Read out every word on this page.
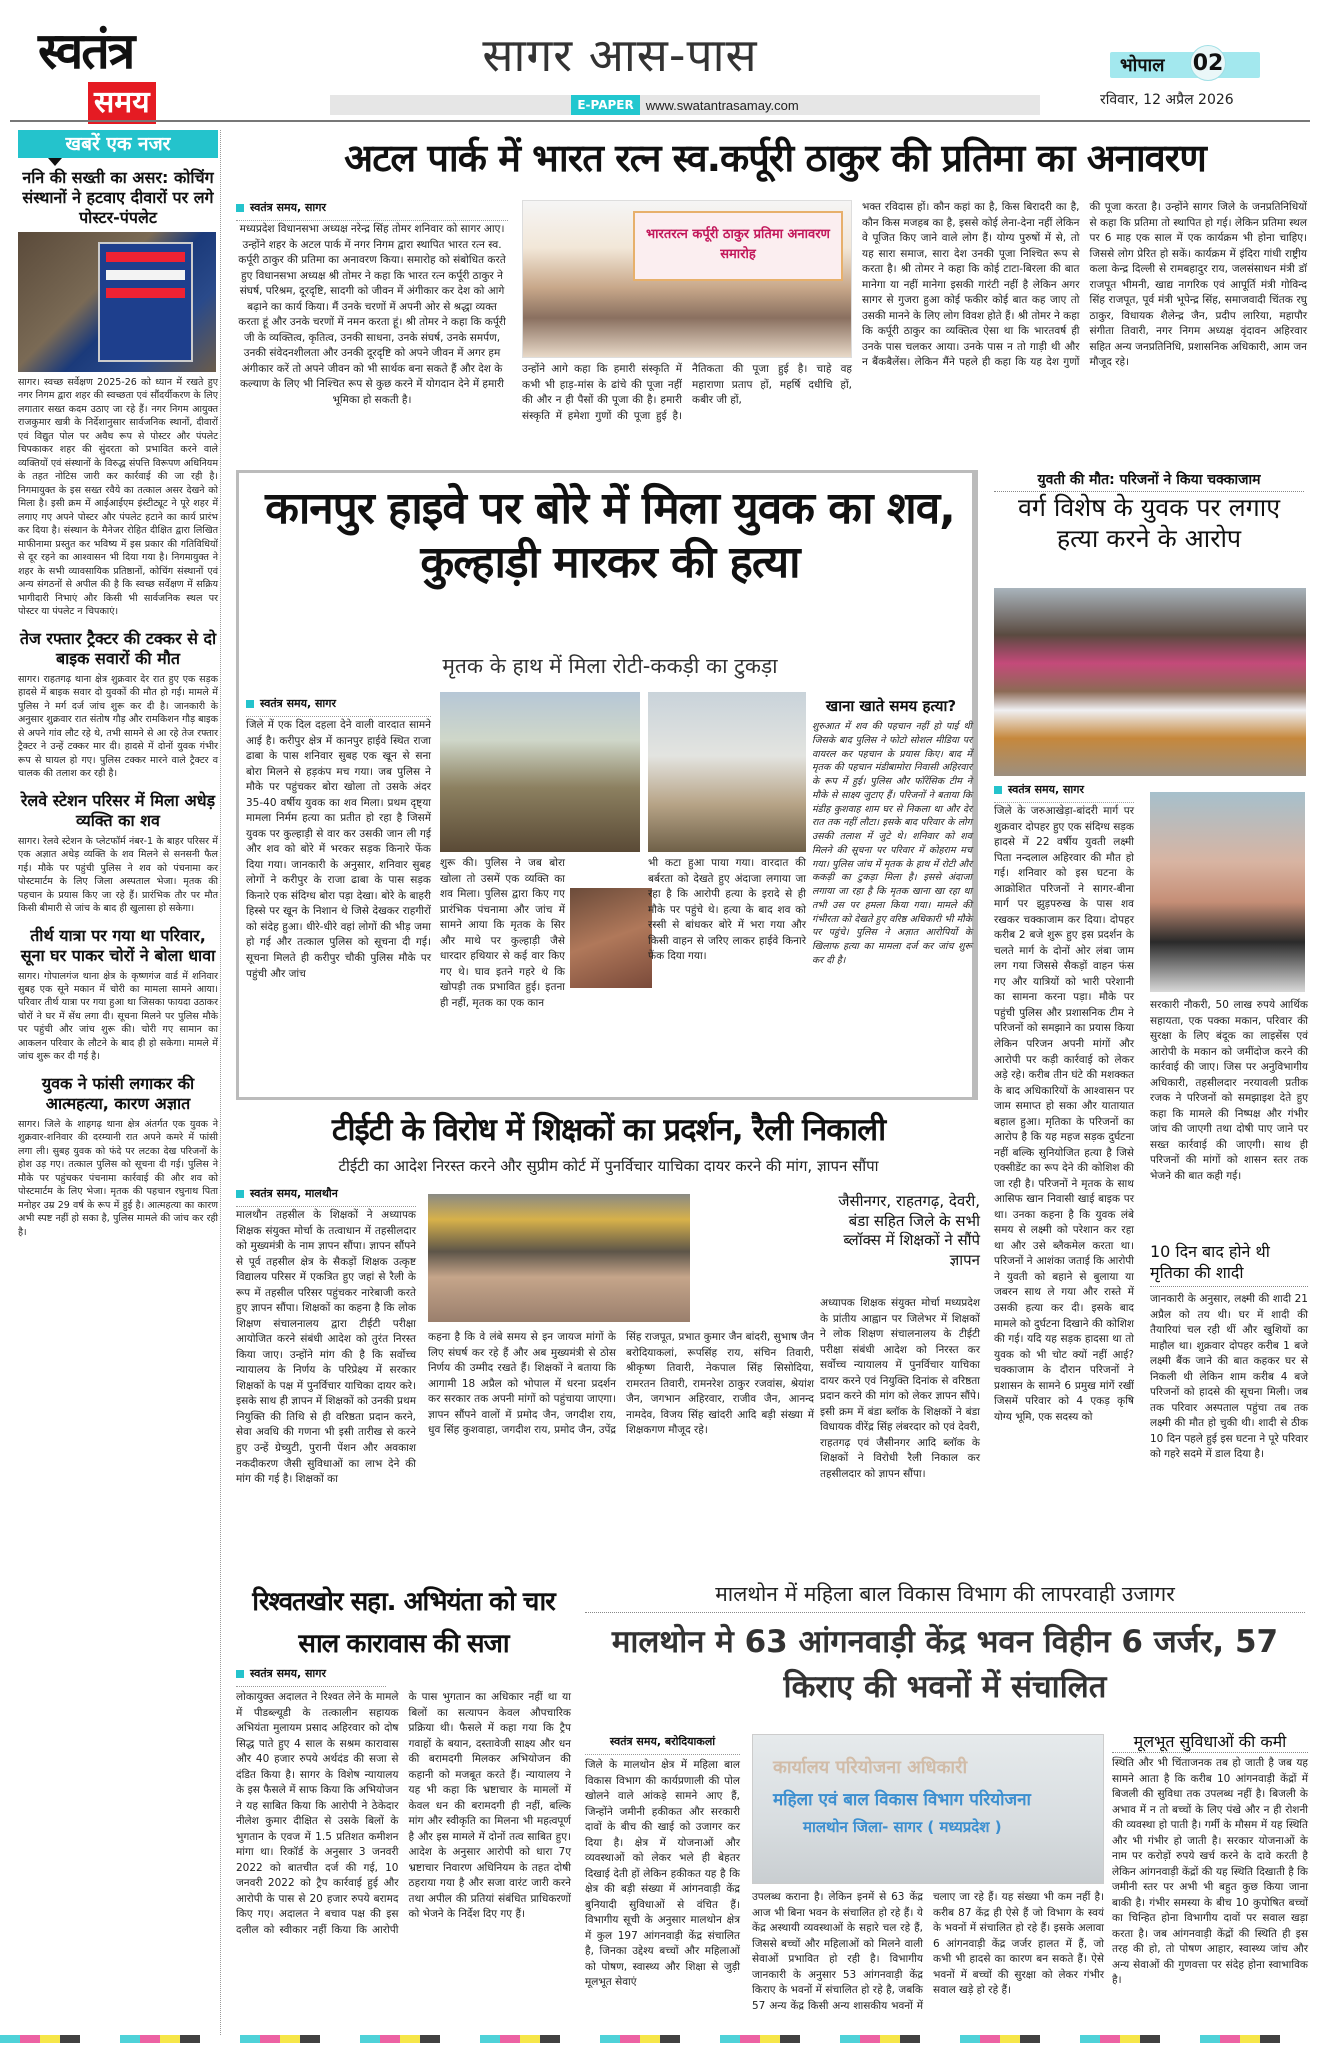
स्वतंत्र
समय
सागर आस-पास
E-PAPER www.swatantrasamay.com
भोपाल	02
रविवार, 12 अप्रैल 2026
खबरें एक नजर
ननि की सख्ती का असर: कोचिंग संस्थानों ने हटवाए दीवारों पर लगे पोस्टर-पंपलेट
सागर। स्वच्छ सर्वेक्षण 2025-26 को ध्यान में रखते हुए नगर निगम द्वारा शहर की स्वच्छता एवं सौंदर्यीकरण के लिए लगातार सख्त कदम उठाए जा रहे हैं। नगर निगम आयुक्त राजकुमार खत्री के निर्देशानुसार सार्वजनिक स्थानों, दीवारों एवं विद्युत पोल पर अवैध रूप से पोस्टर और पंपलेट चिपकाकर शहर की सुंदरता को प्रभावित करने वाले व्यक्तियों एवं संस्थानों के विरुद्ध संपत्ति विरूपण अधिनियम के तहत नोटिस जारी कर कार्रवाई की जा रही है। निगमायुक्त के इस सख्त रवैये का तत्काल असर देखने को मिला है। इसी क्रम में आईआईएम इंस्टीट्यूट ने पूरे शहर में लगाए गए अपने पोस्टर और पंपलेट हटाने का कार्य प्रारंभ कर दिया है। संस्थान के मैनेजर रोहित दीक्षित द्वारा लिखित माफीनामा प्रस्तुत कर भविष्य में इस प्रकार की गतिविधियों से दूर रहने का आश्वासन भी दिया गया है। निगमायुक्त ने शहर के सभी व्यावसायिक प्रतिष्ठानों, कोचिंग संस्थानों एवं अन्य संगठनों से अपील की है कि स्वच्छ सर्वेक्षण में सक्रिय भागीदारी निभाएं और किसी भी सार्वजनिक स्थल पर पोस्टर या पंपलेट न चिपकाएं।
तेज रफ्तार ट्रैक्टर की टक्कर से दो बाइक सवारों की मौत
सागर। राहतगढ़ थाना क्षेत्र शुक्रवार देर रात हुए एक सड़क हादसे में बाइक सवार दो युवकों की मौत हो गई। मामले में पुलिस ने मर्ग दर्ज जांच शुरू कर दी है। जानकारी के अनुसार शुक्रवार रात संतोष गौड़ और रामकिशन गौड़ बाइक से अपने गांव लौट रहे थे, तभी सामने से आ रहे तेज रफ्तार ट्रैक्टर ने उन्हें टक्कर मार दी। हादसे में दोनों युवक गंभीर रूप से घायल हो गए। पुलिस टक्कर मारने वाले ट्रैक्टर व चालक की तलाश कर रही है।
रेलवे स्टेशन परिसर में मिला अधेड़ व्यक्ति का शव
सागर। रेलवे स्टेशन के प्लेटफॉर्म नंबर-1 के बाहर परिसर में एक अज्ञात अधेड़ व्यक्ति के शव मिलने से सनसनी फैल गई। मौके पर पहुंची पुलिस ने शव को पंचनामा कर पोस्टमार्टम के लिए जिला अस्पताल भेजा। मृतक की पहचान के प्रयास किए जा रहे हैं। प्रारंभिक तौर पर मौत किसी बीमारी से जांच के बाद ही खुलासा हो सकेगा।
तीर्थ यात्रा पर गया था परिवार, सूना घर पाकर चोरों ने बोला धावा
सागर। गोपालगंज थाना क्षेत्र के कृष्णगंज वार्ड में शनिवार सुबह एक सूने मकान में चोरी का मामला सामने आया। परिवार तीर्थ यात्रा पर गया हुआ था जिसका फायदा उठाकर चोरों ने घर में सेंध लगा दी। सूचना मिलने पर पुलिस मौके पर पहुंची और जांच शुरू की। चोरी गए सामान का आकलन परिवार के लौटने के बाद ही हो सकेगा। मामले में जांच शुरू कर दी गई है।
युवक ने फांसी लगाकर की आत्महत्या, कारण अज्ञात
सागर। जिले के शाहगढ़ थाना क्षेत्र अंतर्गत एक युवक ने शुक्रवार-शनिवार की दरम्यानी रात अपने कमरे में फांसी लगा ली। सुबह युवक को फंदे पर लटका देख परिजनों के होश उड़ गए। तत्काल पुलिस को सूचना दी गई। पुलिस ने मौके पर पहुंचकर पंचनामा कार्रवाई की और शव को पोस्टमार्टम के लिए भेजा। मृतक की पहचान रघुनाथ पिता मनोहर उम्र 29 वर्ष के रूप में हुई है। आत्महत्या का कारण अभी स्पष्ट नहीं हो सका है, पुलिस मामले की जांच कर रही है।
अटल पार्क में भारत रत्न स्व.कर्पूरी ठाकुर की प्रतिमा का अनावरण
स्वतंत्र समय, सागर
मध्यप्रदेश विधानसभा अध्यक्ष नरेन्द्र सिंह तोमर शनिवार को सागर आए। उन्होंने शहर के अटल पार्क में नगर निगम द्वारा स्थापित भारत रत्न स्व. कर्पूरी ठाकुर की प्रतिमा का अनावरण किया। समारोह को संबोधित करते हुए विधानसभा अध्यक्ष श्री तोमर ने कहा कि भारत रत्न कर्पूरी ठाकुर ने संघर्ष, परिश्रम, दूरदृष्टि, सादगी को जीवन में अंगीकार कर देश को आगे बढ़ाने का कार्य किया। मैं उनके चरणों में अपनी ओर से श्रद्धा व्यक्त करता हूं और उनके चरणों में नमन करता हूं। श्री तोमर ने कहा कि कर्पूरी जी के व्यक्तित्व, कृतित्व, उनकी साधना, उनके संघर्ष, उनके समर्पण, उनकी संवेदनशीलता और उनकी दूरदृष्टि को अपने जीवन में अगर हम अंगीकार करें तो अपने जीवन को भी सार्थक बना सकते हैं और देश के कल्याण के लिए भी निश्चित रूप से कुछ करने में योगदान देने में हमारी भूमिका हो सकती है।
भारतरत्न कर्पूरी ठाकुर प्रतिमा अनावरण समारोह
उन्होंने आगे कहा कि हमारी संस्कृति में कभी भी हाड़-मांस के ढांचे की पूजा नहीं की और न ही पैसों की पूजा की है। हमारी संस्कृति में हमेशा गुणों की पूजा हुई है। नैतिकता की पूजा हुई है। चाहे वह महाराणा प्रताप हों, महर्षि दधीचि हों, कबीर जी हों,
भक्त रविदास हों। कौन कहां का है, किस बिरादरी का है, कौन किस मजहब का है, इससे कोई लेना-देना नहीं लेकिन वे पूजित किए जाने वाले लोग हैं। योग्य पुरुषों में से, तो यह सारा समाज, सारा देश उनकी पूजा निश्चित रूप से करता है। श्री तोमर ने कहा कि कोई टाटा-बिरला की बात मानेगा या नहीं मानेगा इसकी गारंटी नहीं है लेकिन अगर सागर से गुजरा हुआ कोई फकीर कोई बात कह जाए तो उसकी मानने के लिए लोग विवश होते हैं। श्री तोमर ने कहा कि कर्पूरी ठाकुर का व्यक्तित्व ऐसा था कि भारतवर्ष ही उनके पास चलकर आया। उनके पास न तो गाड़ी थी और न बैंकबैलेंस। लेकिन मैंने पहले ही कहा कि यह देश गुणों की पूजा करता है। उन्होंने सागर जिले के जनप्रतिनिधियों से कहा कि प्रतिमा तो स्थापित हो गई। लेकिन प्रतिमा स्थल पर 6 माह एक साल में एक कार्यक्रम भी होना चाहिए। जिससे लोग प्रेरित हो सकें। कार्यक्रम में इंदिरा गांधी राष्ट्रीय कला केन्द्र दिल्ली से रामबहादुर राय, जलसंसाधन मंत्री डॉ राजपूत भीमनी, खाद्य नागरिक एवं आपूर्ति मंत्री गोविन्द सिंह राजपूत, पूर्व मंत्री भूपेन्द्र सिंह, समाजवादी चिंतक रघु ठाकुर, विधायक शैलेन्द्र जैन, प्रदीप लारिया, महापौर संगीता तिवारी, नगर निगम अध्यक्ष वृंदावन अहिरवार सहित अन्य जनप्रतिनिधि, प्रशासनिक अधिकारी, आम जन मौजूद रहे।
कानपुर हाइवे पर बोरे में मिला युवक का शव, कुल्हाड़ी मारकर की हत्या
मृतक के हाथ में मिला रोटी-ककड़ी का टुकड़ा
स्वतंत्र समय, सागर
जिले में एक दिल दहला देने वाली वारदात सामने आई है। करीपुर क्षेत्र में कानपुर हाईवे स्थित राजा ढाबा के पास शनिवार सुबह एक खून से सना बोरा मिलने से हड़कंप मच गया। जब पुलिस ने मौके पर पहुंचकर बोरा खोला तो उसके अंदर 35-40 वर्षीय युवक का शव मिला। प्रथम दृष्ट्या मामला निर्मम हत्या का प्रतीत हो रहा है जिसमें युवक पर कुल्हाड़ी से वार कर उसकी जान ली गई और शव को बोरे में भरकर सड़क किनारे फेंक दिया गया। जानकारी के अनुसार, शनिवार सुबह लोगों ने करीपुर के राजा ढाबा के पास सड़क किनारे एक संदिग्ध बोरा पड़ा देखा। बोरे के बाहरी हिस्से पर खून के निशान थे जिसे देखकर राहगीरों को संदेह हुआ। धीरे-धीरे वहां लोगों की भीड़ जमा हो गई और तत्काल पुलिस को सूचना दी गई। सूचना मिलते ही करीपुर चौकी पुलिस मौके पर पहुंची और जांच
शुरू की। पुलिस ने जब बोरा खोला तो उसमें एक व्यक्ति का शव मिला। पुलिस द्वारा किए गए प्रारंभिक पंचनामा और जांच में सामने आया कि मृतक के सिर और माथे पर कुल्हाड़ी जैसे धारदार हथियार से कई वार किए गए थे। घाव इतने गहरे थे कि खोपड़ी तक प्रभावित हुई। इतना ही नहीं, मृतक का एक कान
भी कटा हुआ पाया गया। वारदात की बर्बरता को देखते हुए अंदाजा लगाया जा रहा है कि आरोपी हत्या के इरादे से ही मौके पर पहुंचे थे। हत्या के बाद शव को रस्सी से बांधकर बोरे में भरा गया और किसी वाहन से जरिए लाकर हाईवे किनारे फेंक दिया गया।
खाना खाते समय हत्या?
शुरुआत में शव की पहचान नहीं हो पाई थी जिसके बाद पुलिस ने फोटो सोशल मीडिया पर वायरल कर पहचान के प्रयास किए। बाद में मृतक की पहचान मंडीबामोरा निवासी अहिरवार के रूप में हुई। पुलिस और फॉरेंसिक टीम ने मौके से साक्ष्य जुटाए हैं। परिजनों ने बताया कि मंडीह कुशवाह शाम घर से निकला था और देर रात तक नहीं लौटा। इसके बाद परिवार के लोग उसकी तलाश में जुटे थे। शनिवार को शव मिलने की सूचना पर परिवार में कोहराम मच गया। पुलिस जांच में मृतक के हाथ में रोटी और ककड़ी का टुकड़ा मिला है। इससे अंदाजा लगाया जा रहा है कि मृतक खाना खा रहा था तभी उस पर हमला किया गया। मामले की गंभीरता को देखते हुए वरिष्ठ अधिकारी भी मौके पर पहुंचे। पुलिस ने अज्ञात आरोपियों के खिलाफ हत्या का मामला दर्ज कर जांच शुरू कर दी है।
युवती की मौत: परिजनों ने किया चक्काजाम
वर्ग विशेष के युवक पर लगाए हत्या करने के आरोप
स्वतंत्र समय, सागर
जिले के जरुआखेड़ा-बांदरी मार्ग पर शुक्रवार दोपहर हुए एक संदिग्ध सड़क हादसे में 22 वर्षीय युवती लक्ष्मी पिता नन्दलाल अहिरवार की मौत हो गई। शनिवार को इस घटना के आक्रोशित परिजनों ने सागर-बीना मार्ग पर झुड़परुख के पास शव रखकर चक्काजाम कर दिया। दोपहर करीब 2 बजे शुरू हुए इस प्रदर्शन के चलते मार्ग के दोनों ओर लंबा जाम लग गया जिससे सैकड़ों वाहन फंस गए और यात्रियों को भारी परेशानी का सामना करना पड़ा। मौके पर पहुंची पुलिस और प्रशासनिक टीम ने परिजनों को समझाने का प्रयास किया लेकिन परिजन अपनी मांगों और आरोपी पर कड़ी कार्रवाई को लेकर अड़े रहे। करीब तीन घंटे की मशक्कत के बाद अधिकारियों के आश्वासन पर जाम समाप्त हो सका और यातायात बहाल हुआ। मृतिका के परिजनों का आरोप है कि यह महज सड़क दुर्घटना नहीं बल्कि सुनियोजित हत्या है जिसे एक्सीडेंट का रूप देने की कोशिश की जा रही है। परिजनों ने मृतक के साथ आसिफ खान निवासी खाई बाइक पर था। उनका कहना है कि युवक लंबे समय से लक्ष्मी को परेशान कर रहा था और उसे ब्लैकमेल करता था। परिजनों ने आशंका जताई कि आरोपी ने युवती को बहाने से बुलाया या जबरन साथ ले गया और रास्ते में उसकी हत्या कर दी। इसके बाद मामले को दुर्घटना दिखाने की कोशिश की गई। यदि यह सड़क हादसा था तो युवक को भी चोट क्यों नहीं आई? चक्काजाम के दौरान परिजनों ने प्रशासन के सामने 6 प्रमुख मांगें रखीं जिसमें परिवार को 4 एकड़ कृषि योग्य भूमि, एक सदस्य को
सरकारी नौकरी, 50 लाख रुपये आर्थिक सहायता, एक पक्का मकान, परिवार की सुरक्षा के लिए बंदूक का लाइसेंस एवं आरोपी के मकान को जमींदोज करने की कार्रवाई की जाए। जिस पर अनुविभागीय अधिकारी, तहसीलदार नरयावली प्रतीक रजक ने परिजनों को समझाइश देते हुए कहा कि मामले की निष्पक्ष और गंभीर जांच की जाएगी तथा दोषी पाए जाने पर सख्त कार्रवाई की जाएगी। साथ ही परिजनों की मांगों को शासन स्तर तक भेजने की बात कही गई।
10 दिन बाद होने थी मृतिका की शादी
जानकारी के अनुसार, लक्ष्मी की शादी 21 अप्रैल को तय थी। घर में शादी की तैयारियां चल रही थीं और खुशियों का माहौल था। शुक्रवार दोपहर करीब 1 बजे लक्ष्मी बैंक जाने की बात कहकर घर से निकली थी लेकिन शाम करीब 4 बजे परिजनों को हादसे की सूचना मिली। जब तक परिवार अस्पताल पहुंचा तब तक लक्ष्मी की मौत हो चुकी थी। शादी से ठीक 10 दिन पहले हुई इस घटना ने पूरे परिवार को गहरे सदमे में डाल दिया है।
टीईटी के विरोध में शिक्षकों का प्रदर्शन, रैली निकाली
टीईटी का आदेश निरस्त करने और सुप्रीम कोर्ट में पुनर्विचार याचिका दायर करने की मांग, ज्ञापन सौंपा
स्वतंत्र समय, मालथौन
मालथौन तहसील के शिक्षकों ने अध्यापक शिक्षक संयुक्त मोर्चा के तत्वाधान में तहसीलदार को मुख्यमंत्री के नाम ज्ञापन सौंपा। ज्ञापन सौंपने से पूर्व तहसील क्षेत्र के सैकड़ों शिक्षक उत्कृष्ट विद्यालय परिसर में एकत्रित हुए जहां से रैली के रूप में तहसील परिसर पहुंचकर नारेबाजी करते हुए ज्ञापन सौंपा। शिक्षकों का कहना है कि लोक शिक्षण संचालनालय द्वारा टीईटी परीक्षा आयोजित करने संबंधी आदेश को तुरंत निरस्त किया जाए। उन्होंने मांग की है कि सर्वोच्च न्यायालय के निर्णय के परिप्रेक्ष्य में सरकार शिक्षकों के पक्ष में पुनर्विचार याचिका दायर करे। इसके साथ ही ज्ञापन में शिक्षकों को उनकी प्रथम नियुक्ति की तिथि से ही वरिष्ठता प्रदान करने, सेवा अवधि की गणना भी इसी तारीख से करने हुए उन्हें ग्रेच्युटी, पुरानी पेंशन और अवकाश नकदीकरण जैसी सुविधाओं का लाभ देने की मांग की गई है। शिक्षकों का
कहना है कि वे लंबे समय से इन जायज मांगों के लिए संघर्ष कर रहे हैं और अब मुख्यमंत्री से ठोस निर्णय की उम्मीद रखते हैं। शिक्षकों ने बताया कि आगामी 18 अप्रैल को भोपाल में धरना प्रदर्शन कर सरकार तक अपनी मांगों को पहुंचाया जाएगा। ज्ञापन सौंपने वालों में प्रमोद जैन, जगदीश राय, धुव सिंह कुशवाहा, जगदीश राय, प्रमोद जैन, उपेंद्र सिंह राजपूत, प्रभात कुमार जैन बांदरी, सुभाष जैन बरोदियाकलां, रूपसिंह राय, संचिन तिवारी, श्रीकृष्ण तिवारी, नेकपाल सिंह सिसोदिया, रामरतन तिवारी, रामनरेश ठाकुर रजवांस, श्रेयांश जैन, जगभान अहिरवार, राजीव जैन, आनन्द नामदेव, विजय सिंह खांदरी आदि बड़ी संख्या में शिक्षकगण मौजूद रहे।
जैसीनगर, राहतगढ़, देवरी, बंडा सहित जिले के सभी ब्लॉक्स में शिक्षकों ने सौंपे ज्ञापन
अध्यापक शिक्षक संयुक्त मोर्चा मध्यप्रदेश के प्रांतीय आह्वान पर जिलेभर में शिक्षकों ने लोक शिक्षण संचालनालय के टीईटी परीक्षा संबंधी आदेश को निरस्त कर सर्वोच्च न्यायालय में पुनर्विचार याचिका दायर करने एवं नियुक्ति दिनांक से वरिष्ठता प्रदान करने की मांग को लेकर ज्ञापन सौंपे। इसी क्रम में बंडा ब्लॉक के शिक्षकों ने बंडा विधायक वीरेंद्र सिंह लंबरदार को एवं देवरी, राहतगढ़ एवं जैसीनगर आदि ब्लॉक के शिक्षकों ने विरोधी रैली निकाल कर तहसीलदार को ज्ञापन सौंपा।
रिश्वतखोर सहा. अभियंता को चार साल कारावास की सजा
स्वतंत्र समय, सागर
लोकायुक्त अदालत ने रिश्वत लेने के मामले में पीडब्ल्यूडी के तत्कालीन सहायक अभियंता मुलायम प्रसाद अहिरवार को दोष सिद्ध पाते हुए 4 साल के सश्रम कारावास और 40 हजार रुपये अर्थदंड की सजा से दंडित किया है। सागर के विशेष न्यायालय के इस फैसले में साफ किया कि अभियोजन ने यह साबित किया कि आरोपी ने ठेकेदार नीलेश कुमार दीक्षित से उसके बिलों के भुगतान के एवज में 1.5 प्रतिशत कमीशन मांगा था। रिकॉर्ड के अनुसार 3 जनवरी 2022 को बातचीत दर्ज की गई, 10 जनवरी 2022 को ट्रैप कार्रवाई हुई और आरोपी के पास से 20 हजार रुपये बरामद किए गए। अदालत ने बचाव पक्ष की इस दलील को स्वीकार नहीं किया कि आरोपी के पास भुगतान का अधिकार नहीं था या बिलों का सत्यापन केवल औपचारिक प्रक्रिया थी। फैसले में कहा गया कि ट्रैप गवाहों के बयान, दस्तावेजी साक्ष्य और धन की बरामदगी मिलकर अभियोजन की कहानी को मजबूत करते हैं। न्यायालय ने यह भी कहा कि भ्रष्टाचार के मामलों में केवल धन की बरामदगी ही नहीं, बल्कि मांग और स्वीकृति का मिलना भी महत्वपूर्ण है और इस मामले में दोनों तत्व साबित हुए। आदेश के अनुसार आरोपी को धारा 7ए भ्रष्टाचार निवारण अधिनियम के तहत दोषी ठहराया गया है और सजा वारंट जारी करने तथा अपील की प्रतियां संबंधित प्राधिकरणों को भेजने के निर्देश दिए गए हैं।
मालथोन में महिला बाल विकास विभाग की लापरवाही उजागर
मालथोन मे 63 आंगनवाड़ी केंद्र भवन विहीन 6 जर्जर, 57 किराए की भवनों में संचालित
स्वतंत्र समय, बरोदियाकलां
जिले के मालथोन क्षेत्र में महिला बाल विकास विभाग की कार्यप्रणाली की पोल खोलने वाले आंकड़े सामने आए हैं, जिन्होंने जमीनी हकीकत और सरकारी दावों के बीच की खाई को उजागर कर दिया है। क्षेत्र में योजनाओं और व्यवस्थाओं को लेकर भले ही बेहतर दिखाई देती हों लेकिन हकीकत यह है कि क्षेत्र की बड़ी संख्या में आंगनवाड़ी केंद्र बुनियादी सुविधाओं से वंचित हैं। विभागीय सूची के अनुसार मालथोन क्षेत्र में कुल 197 आंगनवाड़ी केंद्र संचालित है, जिनका उद्देश्य बच्चों और महिलाओं को पोषण, स्वास्थ्य और शिक्षा से जुड़ी मूलभूत सेवाएं
कार्यालय परियोजना अधिकारी
महिला एवं बाल विकास विभाग परियोजना
मालथोन जिला- सागर ( मध्यप्रदेश )
उपलब्ध कराना है। लेकिन इनमें से 63 केंद्र आज भी बिना भवन के संचालित हो रहे हैं। ये केंद्र अस्थायी व्यवस्थाओं के सहारे चल रहे हैं, जिससे बच्चों और महिलाओं को मिलने वाली सेवाओं प्रभावित हो रही है। विभागीय जानकारी के अनुसार 53 आंगनवाड़ी केंद्र किराए के भवनों में संचालित हो रहे है, जबकि 57 अन्य केंद्र किसी अन्य शासकीय भवनों में चलाए जा रहे हैं। यह संख्या भी कम नहीं है। करीब 87 केंद्र ही ऐसे हैं जो विभाग के स्वयं के भवनों में संचालित हो रहे हैं। इसके अलावा 6 आंगनवाड़ी केंद्र जर्जर हालत में हैं, जो कभी भी हादसे का कारण बन सकते हैं। ऐसे भवनों में बच्चों की सुरक्षा को लेकर गंभीर सवाल खड़े हो रहे हैं।
मूलभूत सुविधाओं की कमी
स्थिति और भी चिंताजनक तब हो जाती है जब यह सामने आता है कि करीब 10 आंगनवाड़ी केंद्रों में बिजली की सुविधा तक उपलब्ध नहीं है। बिजली के अभाव में न तो बच्चों के लिए पंखे और न ही रोशनी की व्यवस्था हो पाती है। गर्मी के मौसम में यह स्थिति और भी गंभीर हो जाती है। सरकार योजनाओं के नाम पर करोड़ों रुपये खर्च करने के दावे करती है लेकिन आंगनवाड़ी केंद्रों की यह स्थिति दिखाती है कि जमीनी स्तर पर अभी भी बहुत कुछ किया जाना बाकी है। गंभीर समस्या के बीच 10 कुपोषित बच्चों का चिन्हित होना विभागीय दावों पर सवाल खड़ा करता है। जब आंगनवाड़ी केंद्रों की स्थिति ही इस तरह की हो, तो पोषण आहार, स्वास्थ्य जांच और अन्य सेवाओं की गुणवत्ता पर संदेह होना स्वाभाविक है।
